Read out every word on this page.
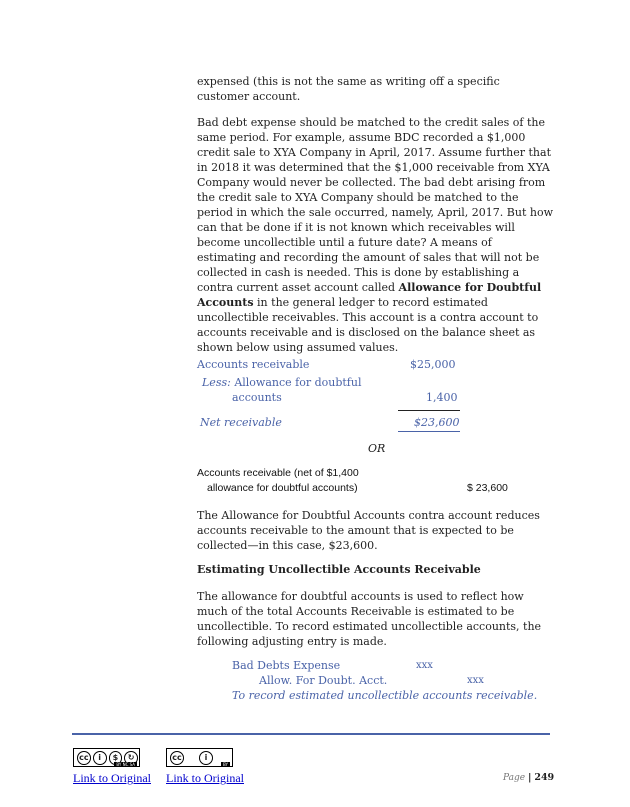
expensed (this is not the same as writing off a specific customer account.

Bad debt expense should be matched to the credit sales of the same period. For example, assume BDC recorded a $1,000 credit sale to XYA Company in April, 2017. Assume further that in 2018 it was determined that the $1,000 receivable from XYA Company would never be collected. The bad debt arising from the credit sale to XYA Company should be matched to the period in which the sale occurred, namely, April, 2017. But how can that be done if it is not known which receivables will become uncollectible until a future date? A means of estimating and recording the amount of sales that will not be collected in cash is needed. This is done by establishing a contra current asset account called Allowance for Doubtful Accounts in the general ledger to record estimated uncollectible receivables. This account is a contra account to accounts receivable and is disclosed on the balance sheet as shown below using assumed values.

Accounts receivable	$25,000
Less: Allowance for doubtful
accounts	1,400
Net receivable	$23,600
OR
Accounts receivable (net of $1,400
allowance for doubtful accounts)	$ 23,600

The Allowance for Doubtful Accounts contra account reduces accounts receivable to the amount that is expected to be collected—in this case, $23,600.

Estimating Uncollectible Accounts Receivable

The allowance for doubtful accounts is used to reflect how much of the total Accounts Receivable is estimated to be uncollectible. To record estimated uncollectible accounts, the following adjusting entry is made.

Bad Debts Expense	xxx
Allow. For Doubt. Acct.	xxx
To record estimated uncollectible accounts receivable.
cc	i	$	↻
BY NC SA
cc	i
BY
Link to Original Link to Original	Page | 249
